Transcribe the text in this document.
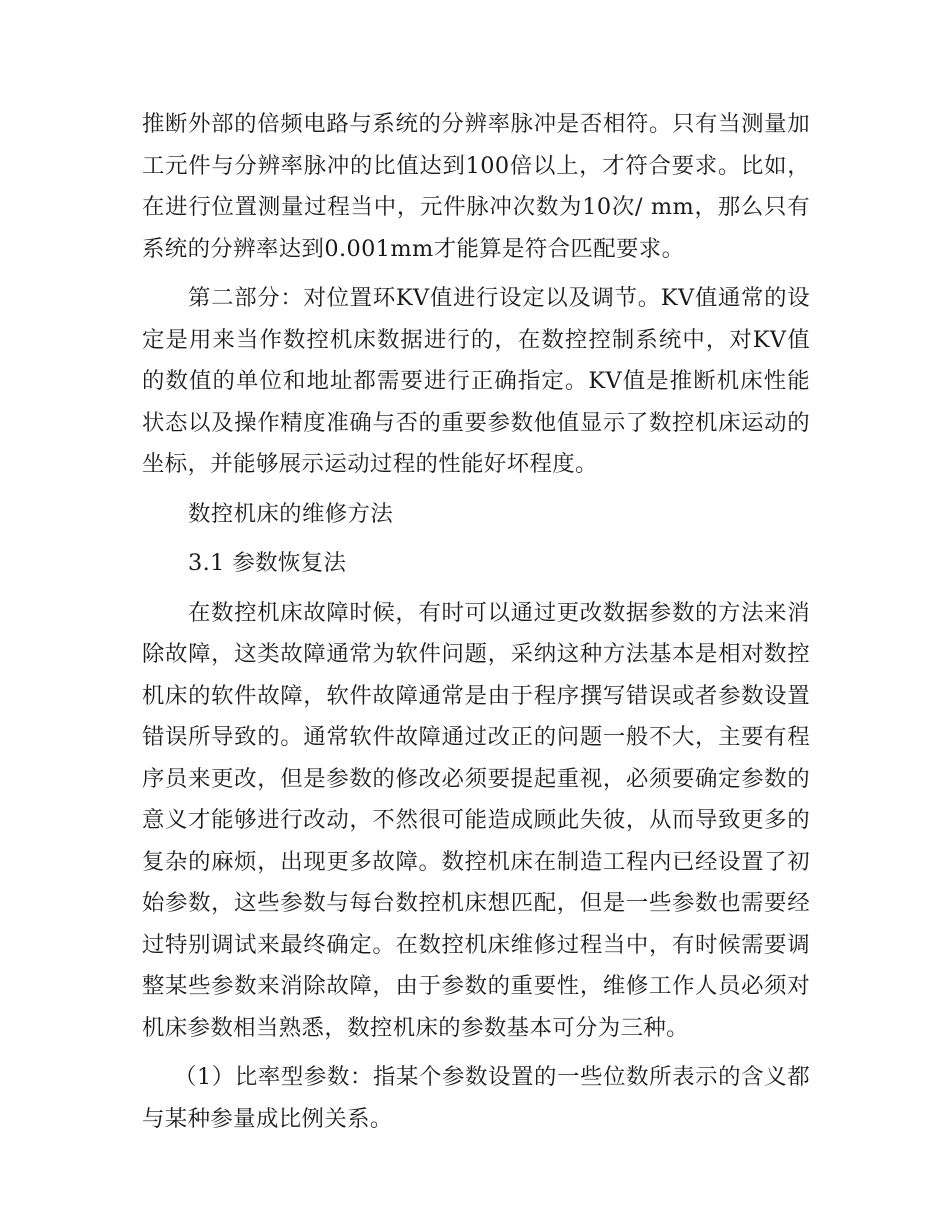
推断外部的倍频电路与系统的分辨率脉冲是否相符。只有当测量加工元件与分辨率脉冲的比值达到100倍以上，才符合要求。比如，在进行位置测量过程当中，元件脉冲次数为10次/ mm，那么只有系统的分辨率达到0.001mm才能算是符合匹配要求。

第二部分：对位置环KV值进行设定以及调节。KV值通常的设定是用来当作数控机床数据进行的，在数控控制系统中，对KV值的数值的单位和地址都需要进行正确指定。KV值是推断机床性能状态以及操作精度准确与否的重要参数他值显示了数控机床运动的坐标，并能够展示运动过程的性能好坏程度。

数控机床的维修方法

3.1 参数恢复法

在数控机床故障时候，有时可以通过更改数据参数的方法来消除故障，这类故障通常为软件问题，采纳这种方法基本是相对数控机床的软件故障，软件故障通常是由于程序撰写错误或者参数设置错误所导致的。通常软件故障通过改正的问题一般不大，主要有程序员来更改，但是参数的修改必须要提起重视，必须要确定参数的意义才能够进行改动，不然很可能造成顾此失彼，从而导致更多的复杂的麻烦，出现更多故障。数控机床在制造工程内已经设置了初始参数，这些参数与每台数控机床想匹配，但是一些参数也需要经过特别调试来最终确定。在数控机床维修过程当中，有时候需要调整某些参数来消除故障，由于参数的重要性，维修工作人员必须对机床参数相当熟悉，数控机床的参数基本可分为三种。

（1）比率型参数：指某个参数设置的一些位数所表示的含义都与某种参量成比例关系。
